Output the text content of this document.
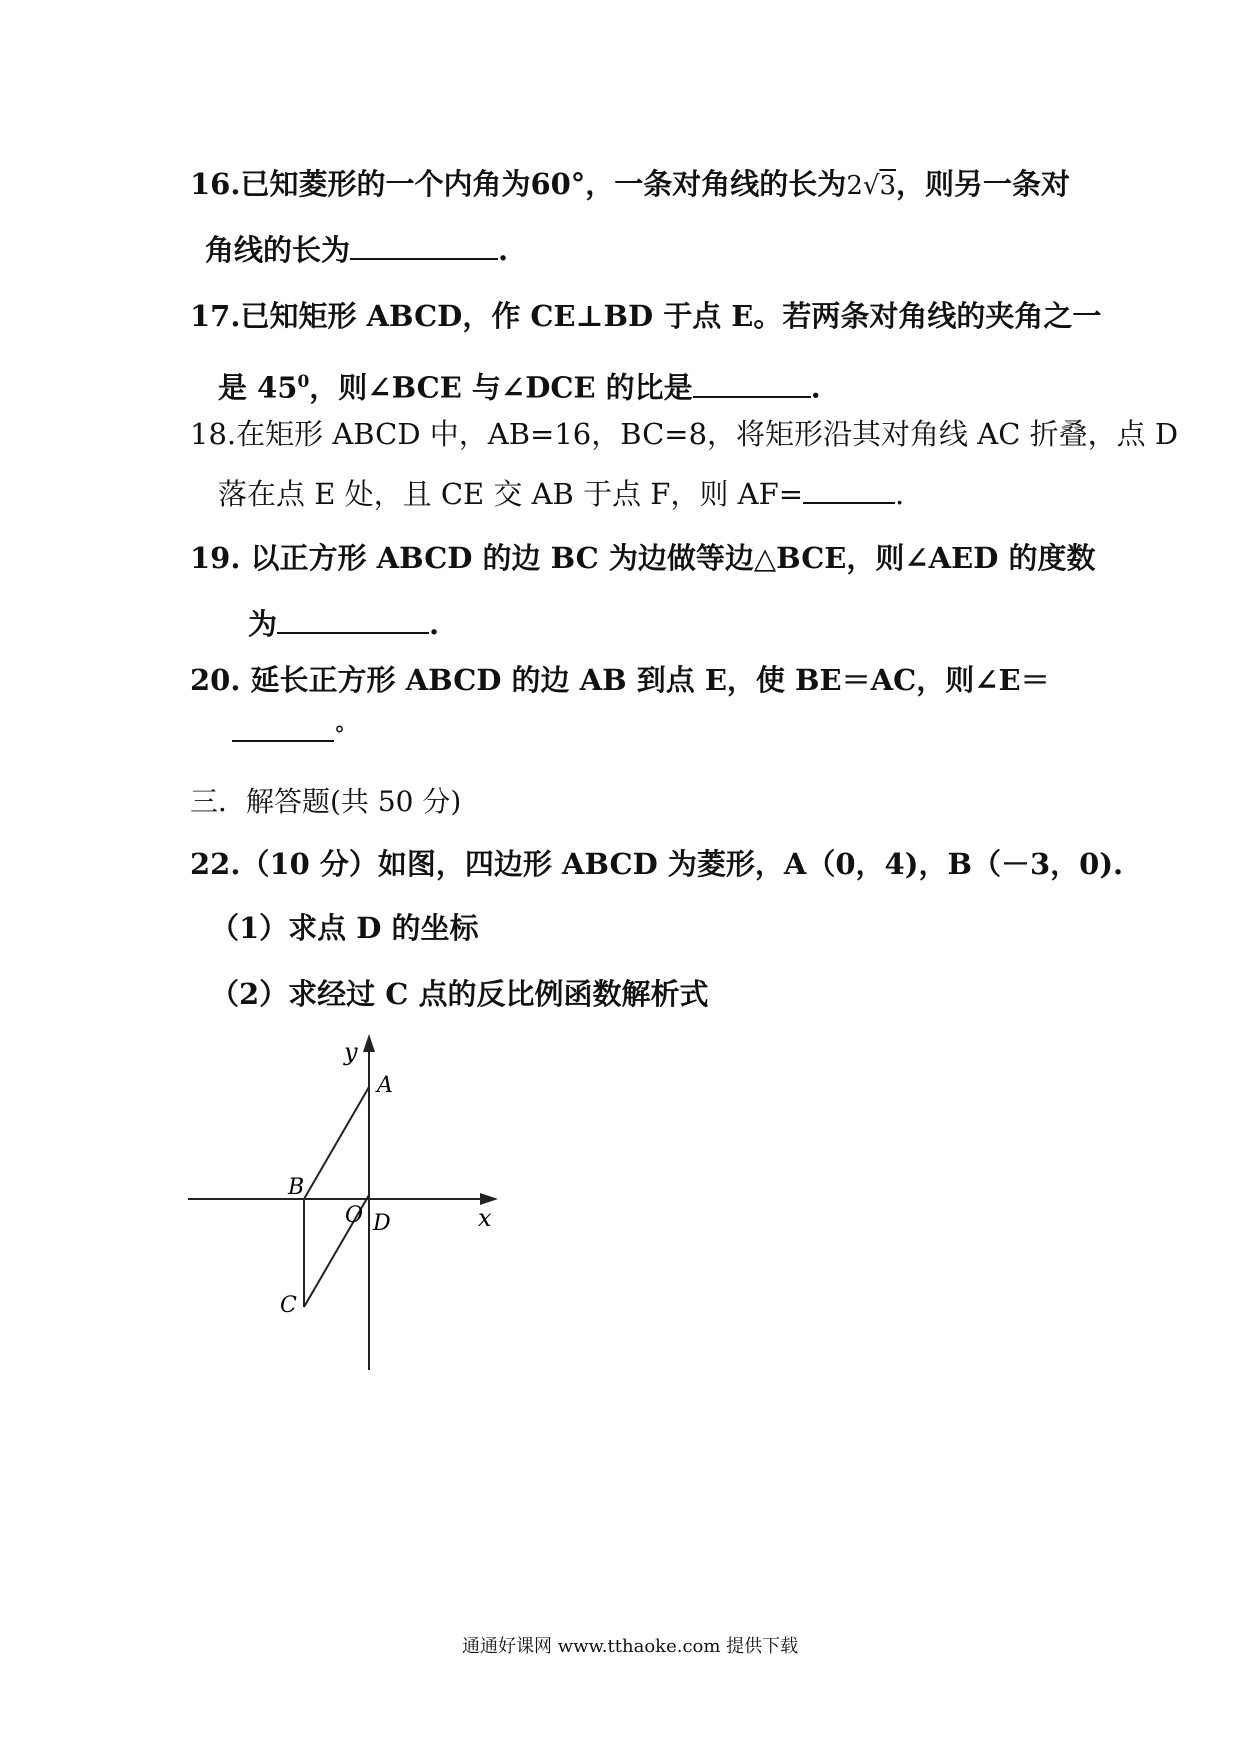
16.已知菱形的一个内角为60°，一条对角线的长为2√3，则另一条对
角线的长为	.
17.已知矩形 ABCD，作 CE⊥BD 于点 E。若两条对角线的夹角之一
是 $45^0$，则∠BCE 与∠DCE 的比是	.
18.在矩形 ABCD 中，AB=16，BC=8，将矩形沿其对角线 AC 折叠，点 D
落在点 E 处，且 CE 交 AB 于点 F，则 AF=	.
19. 以正方形 ABCD 的边 BC 为边做等边△BCE，则∠AED 的度数
为	.
20. 延长正方形 ABCD 的边 AB 到点 E，使 BE＝AC，则∠E＝
°
三．解答题(共 50 分)
22.（10 分）如图，四边形 ABCD 为菱形，A（0，4)，B（－3，0).
（1）求点 D 的坐标
（2）求经过 C 点的反比例函数解析式
y
A
B
O	x
D
C
通通好课网 www.tthaoke.com 提供下载
